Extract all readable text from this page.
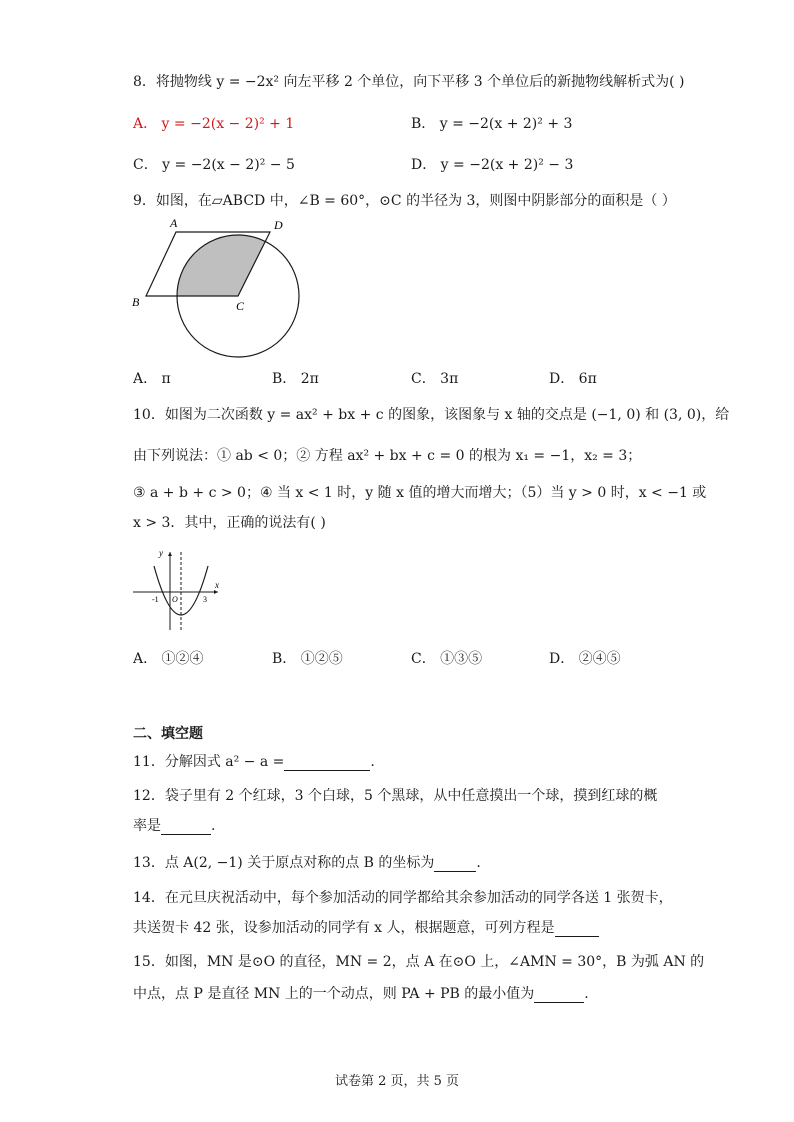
8．将抛物线 y = −2x² 向左平移 2 个单位，向下平移 3 个单位后的新抛物线解析式为( )
A． y = −2(x − 2)² + 1	B． y = −2(x + 2)² + 3
C． y = −2(x − 2)² − 5	D． y = −2(x + 2)² − 3
9．如图，在▱ABCD 中，∠B = 60°，⊙C 的半径为 3，则图中阴影部分的面积是（ ）
A	D
B	C
A． π	B． 2π	C． 3π	D． 6π
10．如图为二次函数 y = ax² + bx + c 的图象，该图象与 x 轴的交点是 (−1, 0) 和 (3, 0)，给
由下列说法：① ab < 0；② 方程 ax² + bx + c = 0 的根为 x₁ = −1，x₂ = 3；
③ a + b + c > 0；④ 当 x < 1 时，y 随 x 值的增大而增大；（5）当 y > 0 时，x < −1 或
x > 3．其中，正确的说法有( )
y
x
O
-1	3
A． ①②④	B． ①②⑤	C． ①③⑤	D． ②④⑤
二、填空题
11．分解因式 a² − a =	.
12．袋子里有 2 个红球，3 个白球，5 个黑球，从中任意摸出一个球，摸到红球的概
率是	.
13．点 A(2, −1) 关于原点对称的点 B 的坐标为	.
14．在元旦庆祝活动中，每个参加活动的同学都给其余参加活动的同学各送 1 张贺卡，
共送贺卡 42 张，设参加活动的同学有 x 人，根据题意，可列方程是
15．如图，MN 是⊙O 的直径，MN = 2，点 A 在⊙O 上，∠AMN = 30°，B 为弧 AN 的
中点，点 P 是直径 MN 上的一个动点，则 PA + PB 的最小值为	.
试卷第 2 页，共 5 页
